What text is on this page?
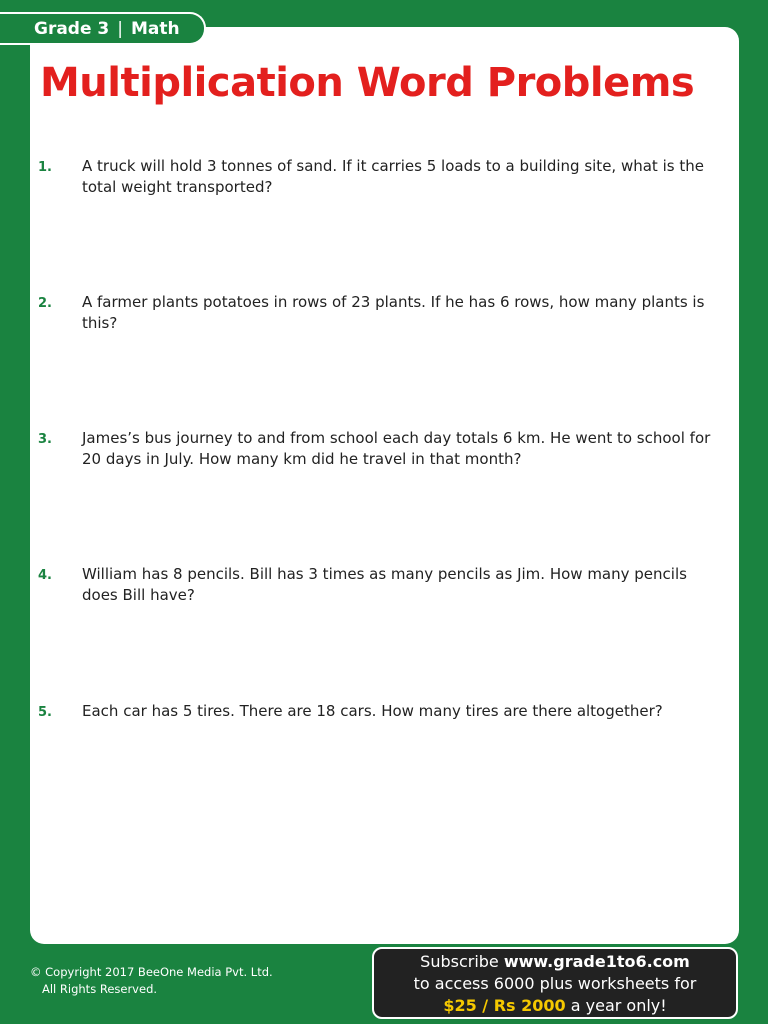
Grade 3 | Math
Multiplication Word Problems
1.	A truck will hold 3 tonnes of sand. If it carries 5 loads to a building site, what is the total weight transported?
2.	A farmer plants potatoes in rows of 23 plants. If he has 6 rows, how many plants is this?
3.	James’s bus journey to and from school each day totals 6 km. He went to school for 20 days in July. How many km did he travel in that month?
4.	William has 8 pencils. Bill has 3 times as many pencils as Jim. How many pencils does Bill have?
5.	Each car has 5 tires. There are 18 cars. How many tires are there altogether?
© Copyright 2017 BeeOne Media Pvt. Ltd.
All Rights Reserved.
Subscribe www.grade1to6.com
to access 6000 plus worksheets for
$25 / Rs 2000 a year only!
